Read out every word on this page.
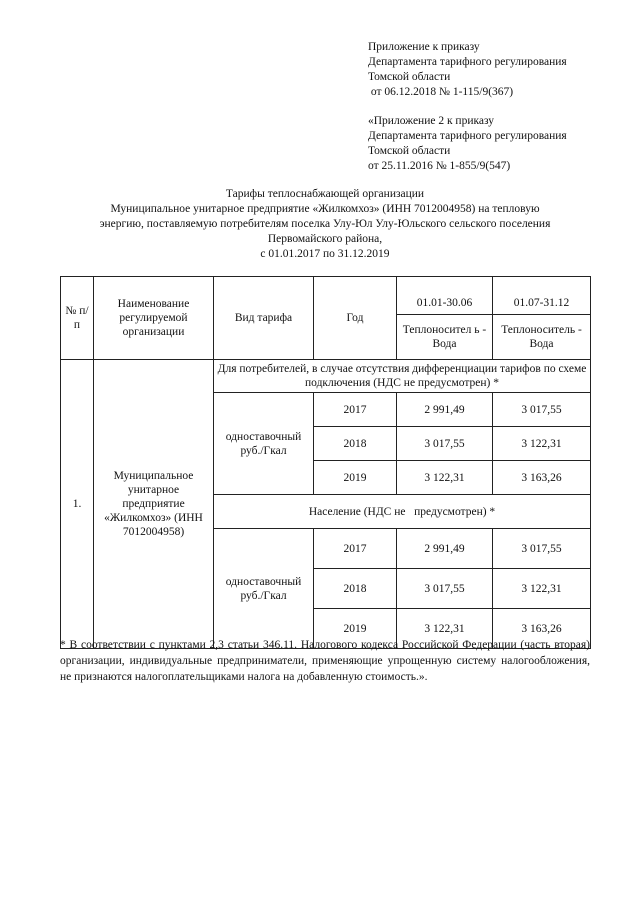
Приложение к приказу
Департамента тарифного регулирования
Томской области
от 06.12.2018 № 1-115/9(367)
«Приложение 2 к приказу
Департамента тарифного регулирования
Томской области
от 25.11.2016 № 1-855/9(547)
Тарифы теплоснабжающей организации
Муниципальное унитарное предприятие «Жилкомхоз» (ИНН 7012004958) на тепловую
энергию, поставляемую потребителям поселка Улу-Юл Улу-Юльского сельского поселения
Первомайского района,
с 01.01.2017 по 31.12.2019
№ п/п	Наименование регулируемой организации	Вид тарифа	Год	01.01-30.06	01.07-31.12
				Теплоносител ь - Вода	Теплоноситель - Вода
1.	Муниципальное унитарное предприятие «Жилкомхоз» (ИНН 7012004958)	Для потребителей, в случае отсутствия дифференциации тарифов по схеме подключения (НДС не предусмотрен) *			
		одноставочный руб./Гкал	2017	2 991,49	3 017,55
			2018	3 017,55	3 122,31
			2019	3 122,31	3 163,26
		Население (НДС не   предусмотрен) *			
		одноставочный руб./Гкал	2017	2 991,49	3 017,55
			2018	3 017,55	3 122,31
			2019	3 122,31	3 163,26
* В соответствии с пунктами 2,3 статьи 346.11. Налогового кодекса Российской Федерации (часть вторая) организации, индивидуальные предприниматели, применяющие упрощенную систему налогообложения, не признаются налогоплательщиками налога на добавленную стоимость.».
